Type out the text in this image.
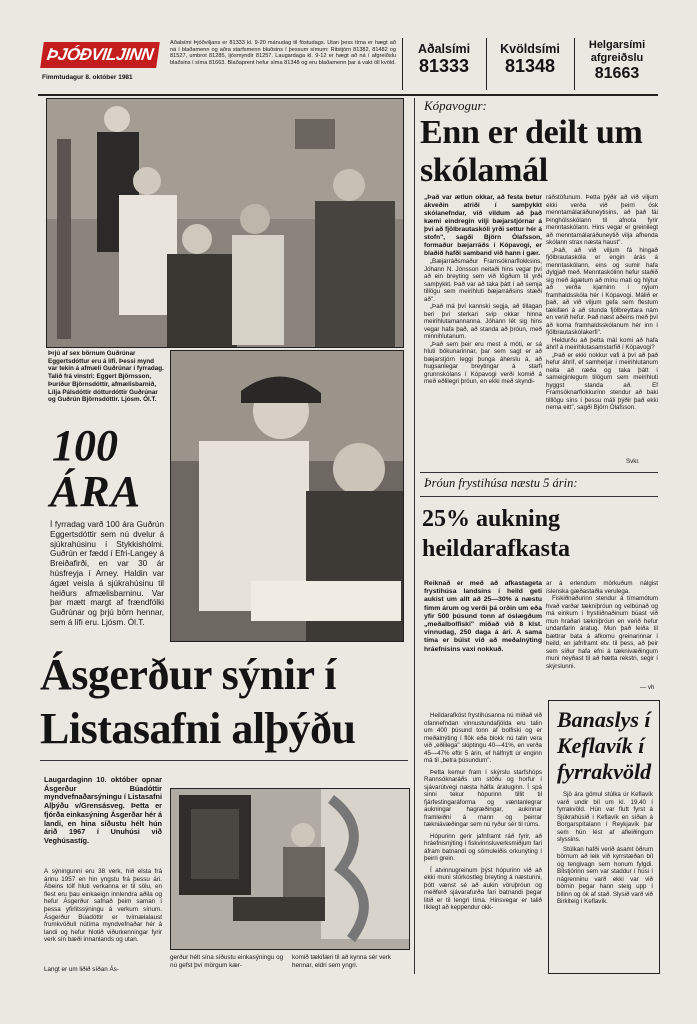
ÞJÓÐVILJINN
Fimmtudagur 8. október 1981
Aðalsími Þjóðviljans er 81333 kl. 9-20 mánudag til föstudags. Utan þess tíma er hægt að ná í blaðamenn og aðra starfsmenn blaðsins í þessum símum: Ritstjórn 81382, 81482 og 81527, umbrot 81285, ljósmyndir 81257. Laugardaga kl. 9-12 er hægt að ná í afgreiðslu blaðsins í síma 81663. Blaðaprent hefur síma 81348 og eru blaðamenn þar á vakt öll kvöld.
Aðalsími
81333
Kvöldsími
81348
Helgarsími afgreiðslu
81663
Þrjú af sex börnum Guðrúnar Eggertsdóttur eru á lífi. Þessi mynd var tekin á afmæli Guðrúnar í fyrradag. Talið frá vinstri: Eggert Björnsson, Þuríður Björnsdóttir, afmælisbarnið, Lilja Pálsdóttir dótturdóttir Guðrúnar og Guðrún Björnsdóttir. Ljósm. Ól.T.
100
ÁRA
Í fyrradag varð 100 ára Guðrún Eggertsdóttir sem nú dvelur á sjúkrahúsinu í Stykkishólmi. Guðrún er fædd í Efri-Langey á Breiðafirði, en var 30 ár húsfreyja í Arney. Haldin var ágæt veisla á sjúkrahúsinu til heiðurs afmælisbarninu. Var þar mætt margt af frændfólki Guðrúnar og þrjú börn hennar, sem á lífi eru. Ljósm. Ól.T.
Ásgerður sýnir í Listasafni alþýðu
Laugardaginn 10. október opnar Ásgerður Búadóttir myndvefnaðarsýningu í Listasafni Alþýðu v/Grensásveg. Þetta er fjórða einkasýning Ásgerðar hér á landi, en hina síðustu hélt hún árið 1967 í Unuhúsi við Veghúsastíg.
Á sýningunni eru 38 verk, hið elsta frá árinu 1957 en hin yngstu frá þessu ári. Ábeins tólf hluti verkanna er til sölu, en flest eru þau einkaeign innlendra aðila og hefur Ásgerður safnað þeim saman í þessa yfirlitssýningu á verkum sínum. Ásgerður Búadóttir er tvímælalaust frumkvöðull nútíma myndvefnaðar hér á landi og hefur hlotið viðurkenningar fyrir verk sín bæði innanlands og utan.
Langt er um liðið síðan Ás-
gerður hélt sína síðustu einkasýningu og nú gefst því mörgum kær-
komið tækifæri til að kynna sér verk hennar, eldri sem yngri.
Kópavogur:
Enn er deilt um skólamál
„Það var ætlun okkar, að festa betur ákveðin atriði í samþykkt skólanefndar, við vildum að það kæmi eindregin vilji bæjarstjórnar á því að fjölbrautaskóli yrði settur hér á stofn", sagði Björn Ólafsson, formaður bæjarráðs í Kópavogi, er blaðið hafði samband við hann í gær.
„Bæjarráðsmaður Framsóknarflokksins, Jóhann N. Jónsson neitaði hins vegar því að ein breyting sem við lögðum til yrði samþykkt. Það var að taka þátt í að semja tillögu sem meirihluti bæjarráðsins stæði að".
„Það má því kannski segja, að tillagan beri því sterkari svip okkar hinna meirihlutamannanna. Jóhann lét sig hins vegar hafa það, að standa að þróun, með minnihlutanum.
„Það sem þeir eru mest á móti, er sá hluti bókunarinnar, þar sem sagt er að bæjarstjórn leggi þunga áherslu á, að hugsanlegar breytingar á starfi grunnskólans í Kópavogi verði komið á með eðlilegri þróun, en ekki með skyndi-
ráðstöfunum. Þetta þýðir að við viljum ekki verða við þeirri ósk menntamálaráðuneytisins, að það fái Þinghólsskólann til afnota fyrir menntaskólann. Hins vegar er greinilegt að menntamálaráðuneytið vilja afhenda skólann strax næsta haust".
„Það, að við viljum fá hingað fjölbrautaskóla er engin árás á menntaskólann, eins og sumir hafa dylgjað með. Menntaskólinn hefur staðið sig með ágætum að mínu mati og hlýtur að verða kjarninn í nýjum framhaldsskóla hér í Kópavogi. Málið er það, að við viljum gefa sem flestum tækifæri á að stunda fjölbreyttara nám en verið hefur. Það næst aðeins með því að koma framhaldsskólanum hér inn í fjölbrautaskólakerfi".
Heldurðu að þetta mál komi að hafa áhrif á meirihlutasamstarfið í Kópavogi?
„Það er ekki nokkur vafi á því að það hefur áhrif, ef samherjar í meirihlutanum neita að ræða og taka þátt í sameiginlegum tilögum sem meirihluti hyggst standa að. Ef Framsóknarflokkurinn stendur að baki tilllögu síns í þessu máli þýðir það ekki nema eitt", sagði Björn Ólafsson.
Svkr.
Þróun frystihúsa næstu 5 árin:
25% aukning heildarafkasta
Reiknað er með að afkastageta frystihúsa landsins í heild geti aukist um allt að 25—30% á næstu fimm árum og verði þá orðin um eða yfir 500 þúsund tonn af óslægðum „meðalbolfiski" miðað við 8 klst. vinnudag, 250 daga á ári. A sama tíma er búist við að meðalnýting hráefnisins vaxi nokkuð.
Heildarafköst frystihúsanna nú miðað við ofannefndan vinnustundafjölda eru talin um 400 þúsund tonn af bolfiski og er meðalnýting í flök eða blokk nú talin vera við „eðlilega" skiptingu 40—41%, en verða 45—47% eftir 5 árin, ef hálfnýtt úr enginn má til „betra þúsundum".
Þetta kemur fram í skýrslu starfshóps Rannsóknaráðs um stöðu og horfur í sjávarútvegi næsta hálfa áratuginn. Í spá sinni tekur hópurinn tillit til fjárfestingaráforma og væntanlegrar aukningar hagræðingar, aukinnar framleiðni á mann og þeirrar tækniávæðingar sem nú ryður sér til rúms.
Hópurinn gerir jafnframt ráð fyrir, að hráefnisnýting í fiskvinnsluverksmiðjum fari áfram batnandi og sömuleiðis orkunýting í þeirri grein.
Í atvinnugreinum þýst hópurinn við að ekki muni stórkostleg breyting á næstunni, þótt vænst sé að aukin vöruþróun og meðferð sjávarafurða fari batnandi þegar litið er til lengri tíma. Hinsvegar er talið líklegt að keppendur okk-
ar á erlendum mörkuðum nálgist íslenska gæðastaðla verulega.
Fiskiðnaðurinn stendur á tímamótum hvað varðar tækniþróun og velbúnað og má einkum í frystiiðnaðinum búast við mun hraðari tækniþróun en verið hefur undanfarin áratug. Mun það leiða til bættrar bata á afkomu greinarinnar í heild, en jafnframt etv. til þess, að þeir sem síður hafa efni á tæknivæðingum muni neyðast til að hætta rekstri, segir í skýrslunni.
— vh
Banaslys í Keflavík í fyrrakvöld
Sjö ára gömul stúlka úr Keflavík varð undir bíl um kl. 19.40 í fyrrakvöld. Hún var flutt fyrst á Sjúkrahúsið í Keflavík en síðan á Borgarspítalann í Reykjavík þar sem hún lést af afleiðingum slyssins.
Stúlkan hafði verið ásamt öðrum börnum að leik við kyrrstæðan bíl og tengivagn sem honum fylgdi. Bílstjórinn sem var staddur í húsi í nágrenninu varð ekki var við börnin þegar hann steig upp í bílinn og ók af stað. Slysið varð við Birkiteig í Keflavík.
